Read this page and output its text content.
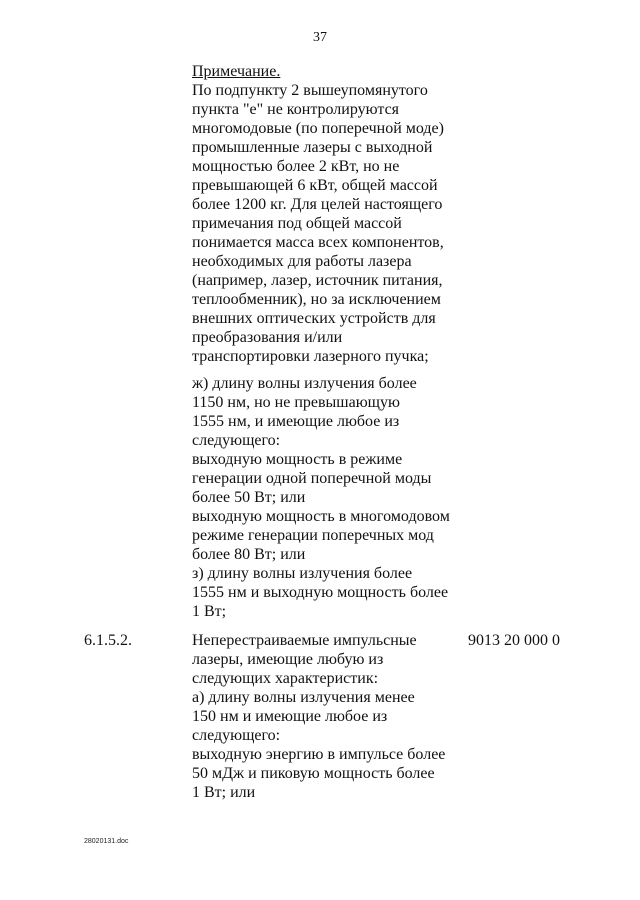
37
Примечание.
По подпункту 2 вышеупомянутого
пункта "е" не контролируются
многомодовые (по поперечной моде)
промышленные лазеры с выходной
мощностью более 2 кВт, но не
превышающей 6 кВт, общей массой
более 1200 кг. Для целей настоящего
примечания под общей массой
понимается масса всех компонентов,
необходимых для работы лазера
(например, лазер, источник питания,
теплообменник), но за исключением
внешних оптических устройств для
преобразования и/или
транспортировки лазерного пучка;
ж) длину волны излучения более
1150 нм, но не превышающую
1555 нм, и имеющие любое из
следующего:
выходную мощность в режиме
генерации одной поперечной моды
более 50 Вт; или
выходную мощность в многомодовом
режиме генерации поперечных мод
более 80 Вт; или
з) длину волны излучения более
1555 нм и выходную мощность более
1 Вт;
6.1.5.2.	9013 20 000 0
Неперестраиваемые импульсные
лазеры, имеющие любую из
следующих характеристик:
а) длину волны излучения менее
150 нм и имеющие любое из
следующего:
выходную энергию в импульсе более
50 мДж и пиковую мощность более
1 Вт; или
28020131.doc
